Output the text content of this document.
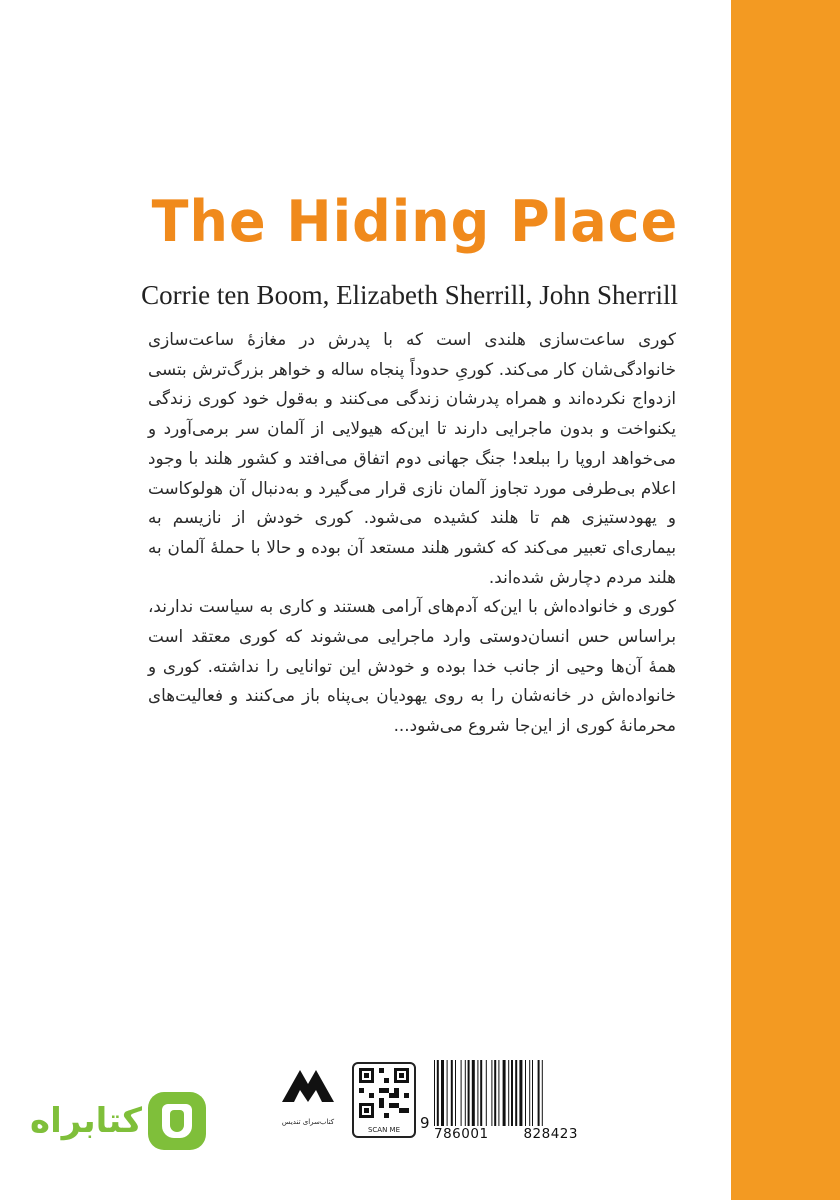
The Hiding Place
Corrie ten Boom, Elizabeth Sherrill, John Sherrill

کوری ساعت‌سازی هلندی است که با پدرش در مغازهٔ ساعت‌سازی خانوادگی‌شان کار می‌کند. کوریِ حدوداً پنجاه ساله و خواهر بزرگ‌ترش بتسی ازدواج نکرده‌اند و همراه پدرشان زندگی می‌کنند و به‌قول خود کوری زندگی یکنواخت و بدون ماجرایی دارند تا این‌که هیولایی از آلمان سر برمی‌آورد و می‌خواهد اروپا را ببلعد! جنگ جهانی دوم اتفاق می‌افتد و کشور هلند با وجود اعلام بی‌طرفی مورد تجاوز آلمان نازی قرار می‌گیرد و به‌دنبال آن هولوکاست و یهودستیزی هم تا هلند کشیده می‌شود. کوری خودش از نازیسم به بیماری‌ای تعبیر می‌کند که کشور هلند مستعد آن بوده و حالا با حملهٔ آلمان به هلند مردم دچارش شده‌اند.

کوری و خانواده‌اش با این‌که آدم‌های آرامی هستند و کاری به سیاست ندارند، براساس حس انسان‌دوستی وارد ماجرایی می‌شوند که کوری معتقد است همهٔ آن‌ها وحیی از جانب خدا بوده و خودش این توانایی را نداشته. کوری و خانواده‌اش در خانه‌شان را به روی یهودیان بی‌پناه باز می‌کنند و فعالیت‌های محرمانهٔ کوری از این‌جا شروع می‌شود...

کتابراه	کتاب‌سرای تندیس
SCAN ME	9
786001	828423
